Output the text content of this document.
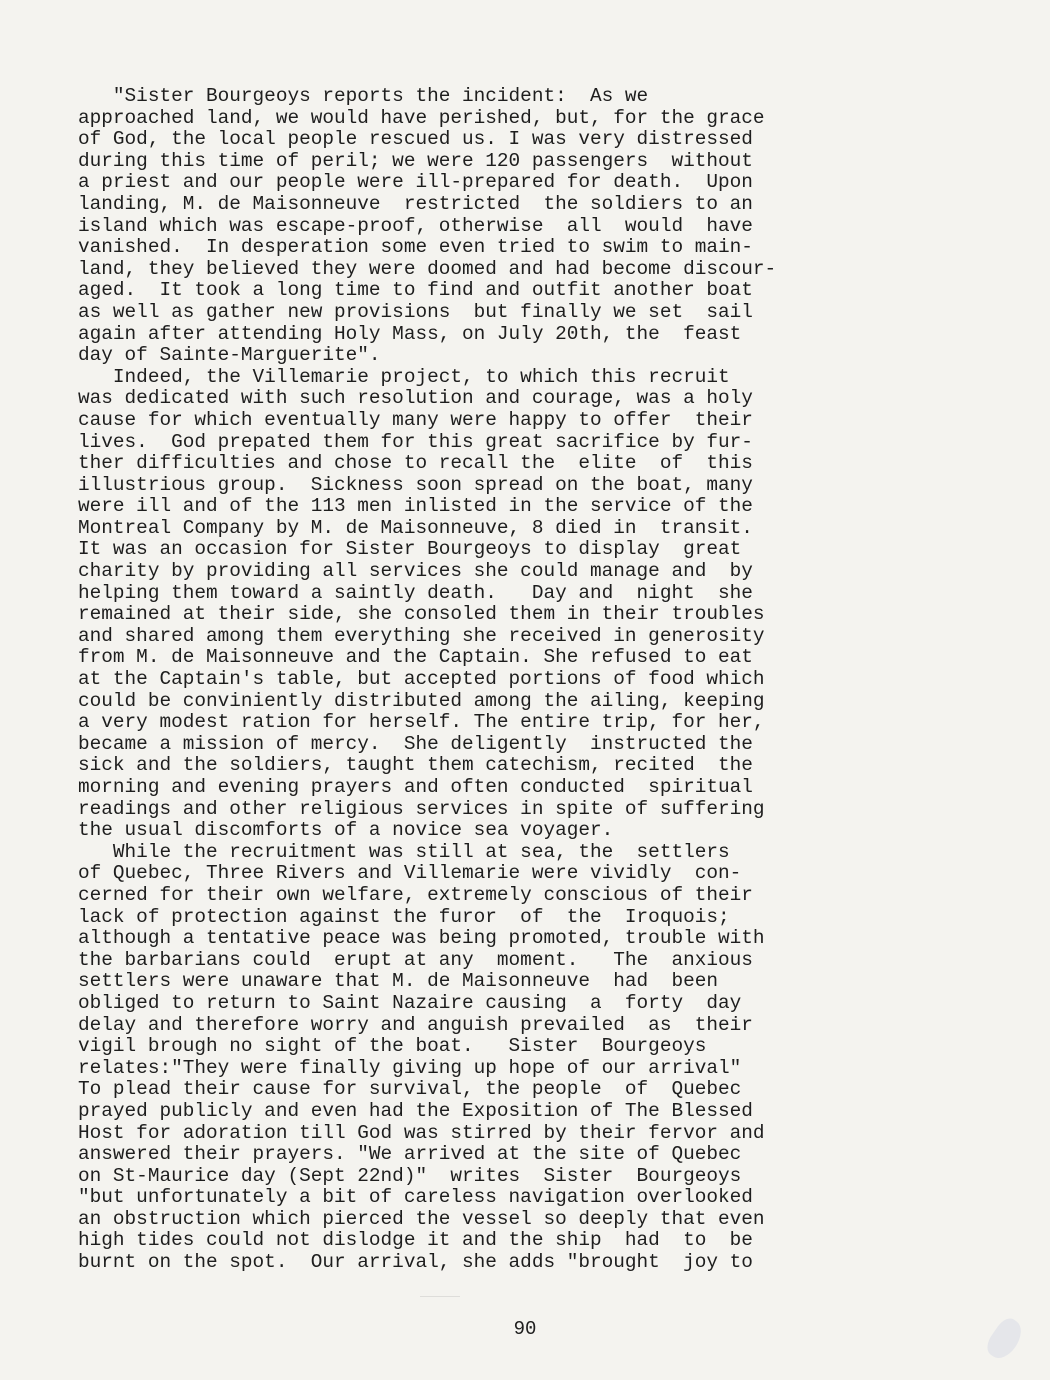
"Sister Bourgeoys reports the incident:  As we
approached land, we would have perished, but, for the grace
of God, the local people rescued us. I was very distressed
during this time of peril; we were 120 passengers  without
a priest and our people were ill-prepared for death.  Upon
landing, M. de Maisonneuve  restricted  the soldiers to an
island which was escape-proof, otherwise  all  would  have
vanished.  In desperation some even tried to swim to main-
land, they believed they were doomed and had become discour-
aged.  It took a long time to find and outfit another boat
as well as gather new provisions  but finally we set  sail
again after attending Holy Mass, on July 20th, the  feast
day of Sainte-Marguerite".
Indeed, the Villemarie project, to which this recruit
was dedicated with such resolution and courage, was a holy
cause for which eventually many were happy to offer  their
lives.  God prepated them for this great sacrifice by fur-
ther difficulties and chose to recall the  elite  of  this
illustrious group.  Sickness soon spread on the boat, many
were ill and of the 113 men inlisted in the service of the
Montreal Company by M. de Maisonneuve, 8 died in  transit.
It was an occasion for Sister Bourgeoys to display  great
charity by providing all services she could manage and  by
helping them toward a saintly death.   Day and  night  she
remained at their side, she consoled them in their troubles
and shared among them everything she received in generosity
from M. de Maisonneuve and the Captain. She refused to eat
at the Captain's table, but accepted portions of food which
could be conviniently distributed among the ailing, keeping
a very modest ration for herself. The entire trip, for her,
became a mission of mercy.  She deligently  instructed the
sick and the soldiers, taught them catechism, recited  the
morning and evening prayers and often conducted  spiritual
readings and other religious services in spite of suffering
the usual discomforts of a novice sea voyager.
While the recruitment was still at sea, the  settlers
of Quebec, Three Rivers and Villemarie were vividly  con-
cerned for their own welfare, extremely conscious of their
lack of protection against the furor  of  the  Iroquois;
although a tentative peace was being promoted, trouble with
the barbarians could  erupt at any  moment.   The  anxious
settlers were unaware that M. de Maisonneuve  had  been
obliged to return to Saint Nazaire causing  a  forty  day
delay and therefore worry and anguish prevailed  as  their
vigil brough no sight of the boat.   Sister  Bourgeoys
relates:"They were finally giving up hope of our arrival"
To plead their cause for survival, the people  of  Quebec
prayed publicly and even had the Exposition of The Blessed
Host for adoration till God was stirred by their fervor and
answered their prayers. "We arrived at the site of Quebec
on St-Maurice day (Sept 22nd)"  writes  Sister  Bourgeoys
"but unfortunately a bit of careless navigation overlooked
an obstruction which pierced the vessel so deeply that even
high tides could not dislodge it and the ship  had  to  be
burnt on the spot.  Our arrival, she adds "brought  joy to
90
